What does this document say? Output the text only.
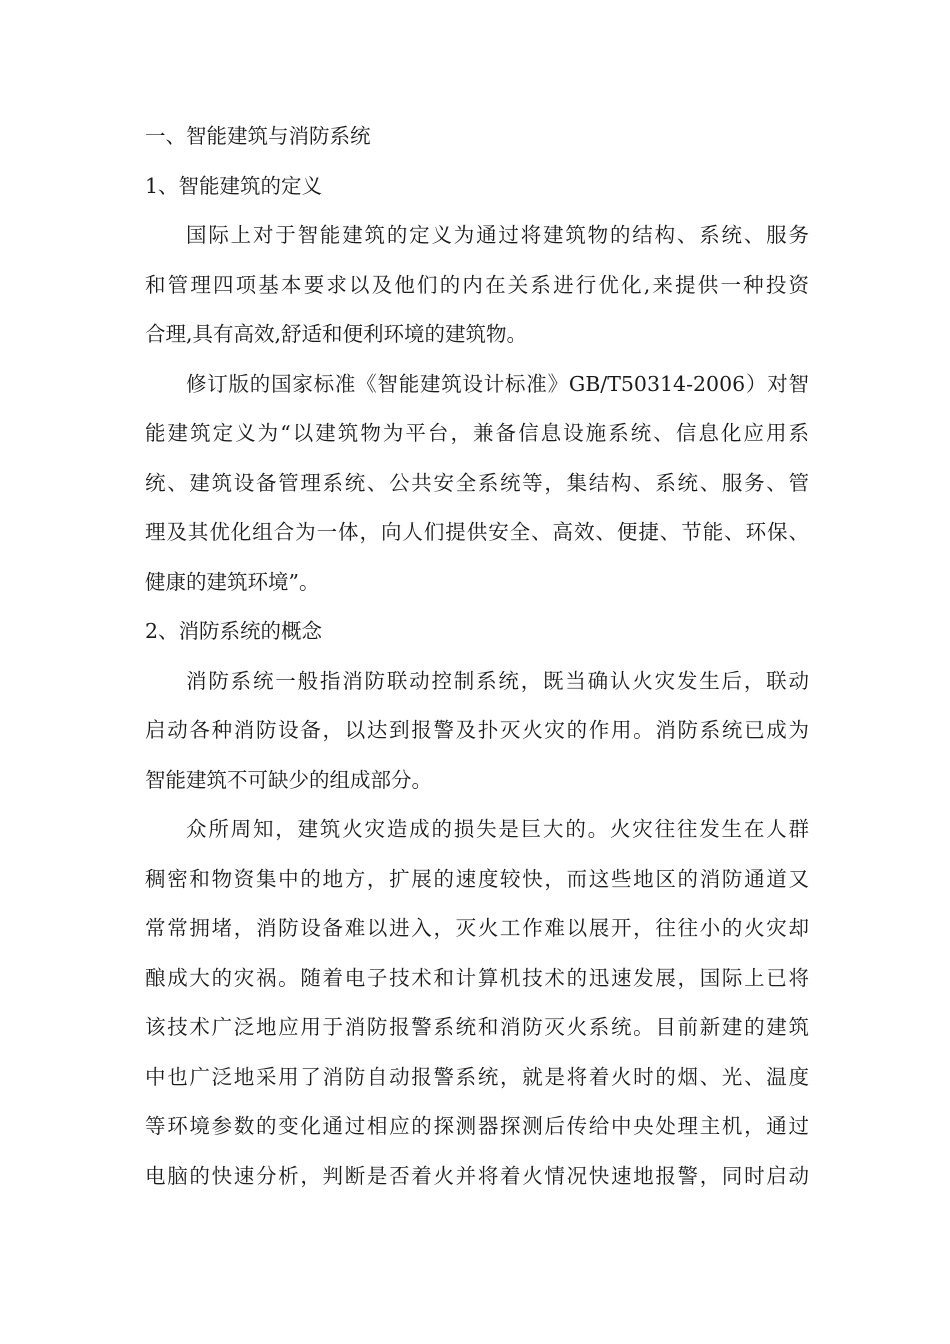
一、智能建筑与消防系统
1、智能建筑的定义
国际上对于智能建筑的定义为通过将建筑物的结构、系统、服务
和管理四项基本要求以及他们的内在关系进行优化,来提供一种投资
合理,具有高效,舒适和便利环境的建筑物。
修订版的国家标准《智能建筑设计标准》GB/T50314-2006）对智
能建筑定义为“以建筑物为平台，兼备信息设施系统、信息化应用系
统、建筑设备管理系统、公共安全系统等，集结构、系统、服务、管
理及其优化组合为一体，向人们提供安全、高效、便捷、节能、环保、
健康的建筑环境”。
2、消防系统的概念
消防系统一般指消防联动控制系统，既当确认火灾发生后，联动
启动各种消防设备，以达到报警及扑灭火灾的作用。消防系统已成为
智能建筑不可缺少的组成部分。
众所周知，建筑火灾造成的损失是巨大的。火灾往往发生在人群
稠密和物资集中的地方，扩展的速度较快，而这些地区的消防通道又
常常拥堵，消防设备难以进入，灭火工作难以展开，往往小的火灾却
酿成大的灾祸。随着电子技术和计算机技术的迅速发展，国际上已将
该技术广泛地应用于消防报警系统和消防灭火系统。目前新建的建筑
中也广泛地采用了消防自动报警系统，就是将着火时的烟、光、温度
等环境参数的变化通过相应的探测器探测后传给中央处理主机，通过
电脑的快速分析，判断是否着火并将着火情况快速地报警，同时启动
